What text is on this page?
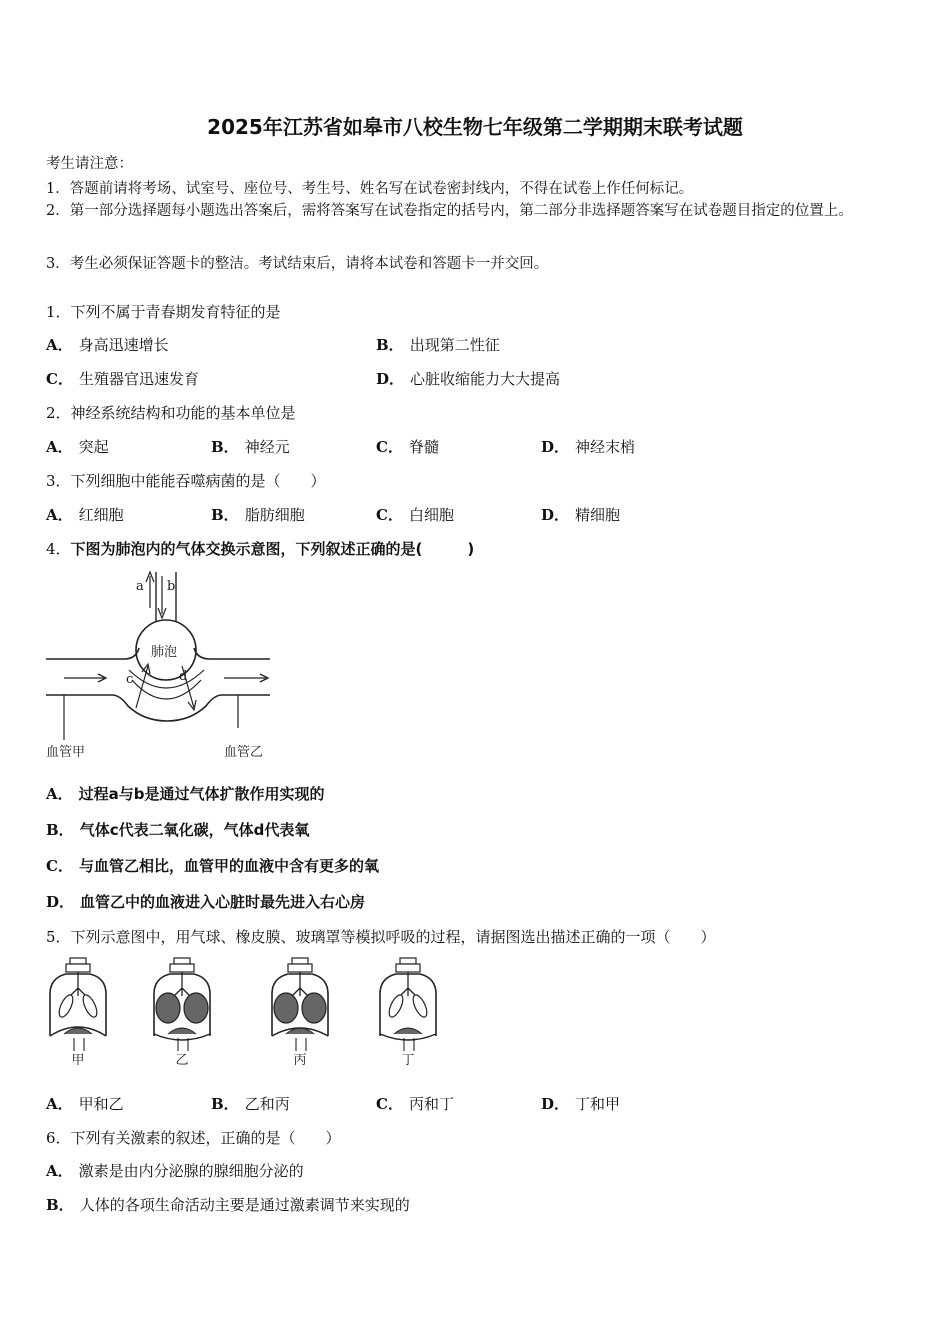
2025年江苏省如皋市八校生物七年级第二学期期末联考试题
考生请注意：
1．答题前请将考场、试室号、座位号、考生号、姓名写在试卷密封线内，不得在试卷上作任何标记。
2．第一部分选择题每小题选出答案后，需将答案写在试卷指定的括号内，第二部分非选择题答案写在试卷题目指定的位置上。
3．考生必须保证答题卡的整洁。考试结束后，请将本试卷和答题卡一并交回。
1．下列不属于青春期发育特征的是
A． 身高迅速增长	B． 出现第二性征
C． 生殖器官迅速发育	D． 心脏收缩能力大大提高
2．神经系统结构和功能的基本单位是
A． 突起	B． 神经元	C． 脊髓	D． 神经末梢
3．下列细胞中能能吞噬病菌的是（　　）
A． 红细胞	B． 脂肪细胞	C． 白细胞	D． 精细胞
4．下图为肺泡内的气体交换示意图，下列叙述正确的是(　　　)
a b
肺泡
c	d
血管甲	血管乙
A． 过程a与b是通过气体扩散作用实现的
B． 气体c代表二氧化碳，气体d代表氧
C． 与血管乙相比，血管甲的血液中含有更多的氧
D． 血管乙中的血液进入心脏时最先进入右心房
5．下列示意图中，用气球、橡皮膜、玻璃罩等模拟呼吸的过程，请据图选出描述正确的一项（　　）
甲	乙	丙	丁
A． 甲和乙	B． 乙和丙	C． 丙和丁	D． 丁和甲
6．下列有关激素的叙述，正确的是（　　）
A． 激素是由内分泌腺的腺细胞分泌的
B． 人体的各项生命活动主要是通过激素调节来实现的
